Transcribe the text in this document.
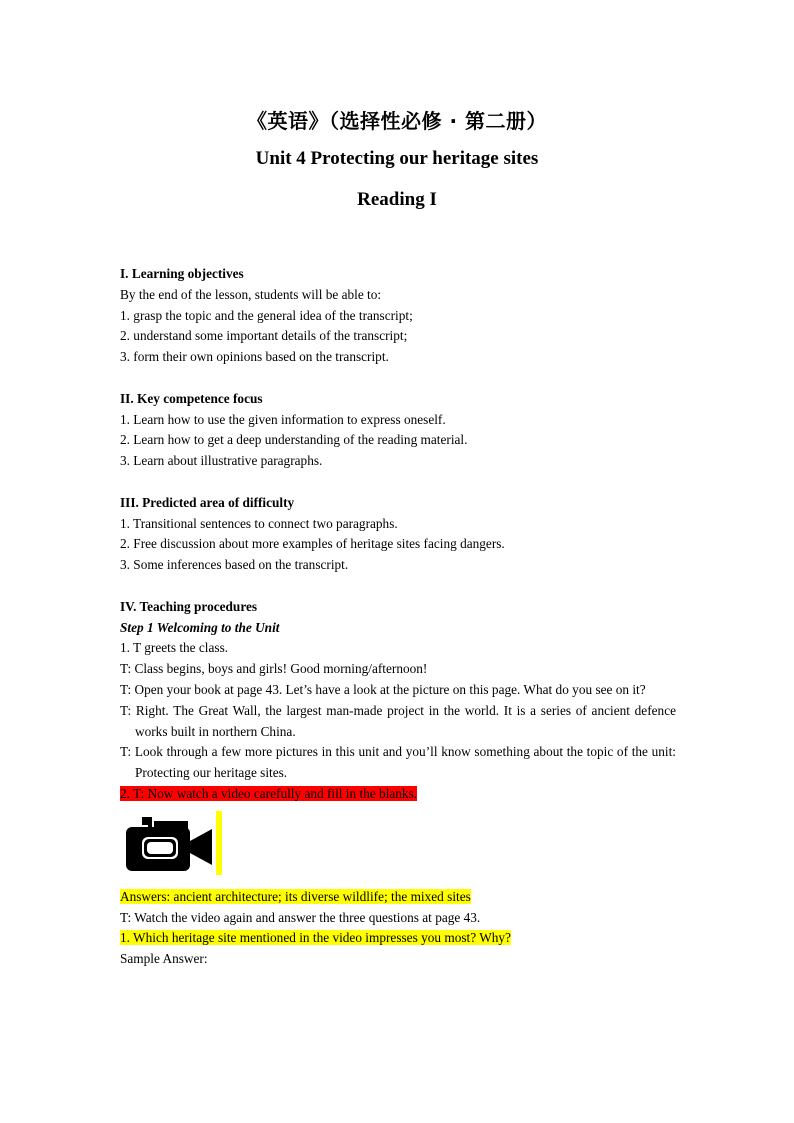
《英语》（选择性必修 · 第二册）
Unit 4 Protecting our heritage sites
Reading I

I. Learning objectives

By the end of the lesson, students will be able to:

1. grasp the topic and the general idea of the transcript;

2. understand some important details of the transcript;

3. form their own opinions based on the transcript.

II. Key competence focus

1. Learn how to use the given information to express oneself.

2. Learn how to get a deep understanding of the reading material.

3. Learn about illustrative paragraphs.

III. Predicted area of difficulty

1. Transitional sentences to connect two paragraphs.

2. Free discussion about more examples of heritage sites facing dangers.

3. Some inferences based on the transcript.

IV. Teaching procedures

Step 1 Welcoming to the Unit

1. T greets the class.

T: Class begins, boys and girls! Good morning/afternoon!

T: Open your book at page 43. Let’s have a look at the picture on this page. What do you see on it?

T: Right. The Great Wall, the largest man-made project in the world. It is a series of ancient defence works built in northern China.

T: Look through a few more pictures in this unit and you’ll know something about the topic of the unit: Protecting our heritage sites.

2. T: Now watch a video carefully and fill in the blanks.

Answers: ancient architecture; its diverse wildlife; the mixed sites

T: Watch the video again and answer the three questions at page 43.

1. Which heritage site mentioned in the video impresses you most? Why?

Sample Answer:
